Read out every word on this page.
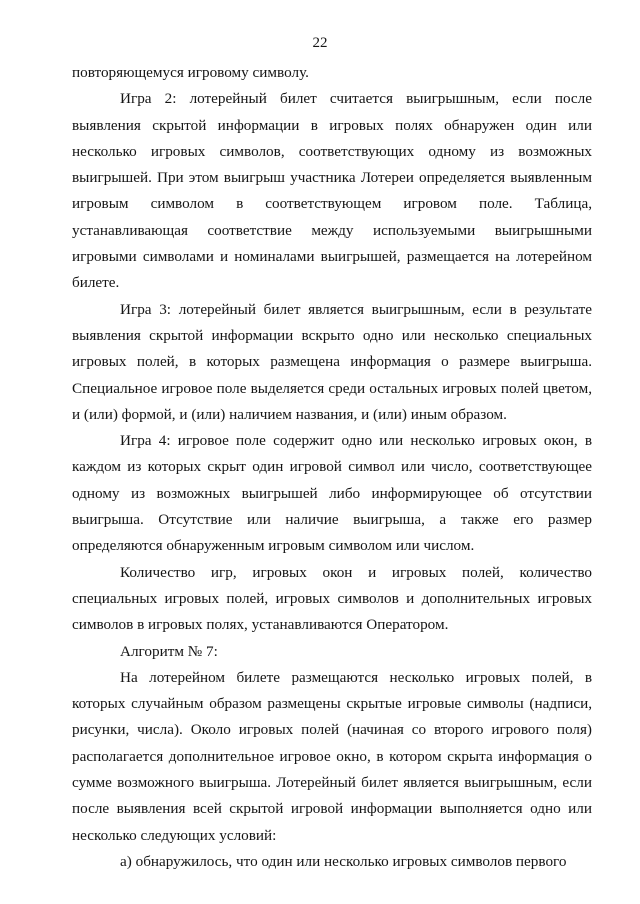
22

повторяющемуся игровому символу.

Игра 2: лотерейный билет считается выигрышным, если после выявления скрытой информации в игровых полях обнаружен один или несколько игровых символов, соответствующих одному из возможных выигрышей. При этом выигрыш участника Лотереи определяется выявленным игровым символом в соответствующем игровом поле. Таблица, устанавливающая соответствие между используемыми выигрышными игровыми символами и номиналами выигрышей, размещается на лотерейном билете.

Игра 3: лотерейный билет является выигрышным, если в результате выявления скрытой информации вскрыто одно или несколько специальных игровых полей, в которых размещена информация о размере выигрыша. Специальное игровое поле выделяется среди остальных игровых полей цветом, и (или) формой, и (или) наличием названия, и (или) иным образом.

Игра 4: игровое поле содержит одно или несколько игровых окон, в каждом из которых скрыт один игровой символ или число, соответствующее одному из возможных выигрышей либо информирующее об отсутствии выигрыша. Отсутствие или наличие выигрыша, а также его размер определяются обнаруженным игровым символом или числом.

Количество игр, игровых окон и игровых полей, количество специальных игровых полей, игровых символов и дополнительных игровых символов в игровых полях, устанавливаются Оператором.

Алгоритм № 7:

На лотерейном билете размещаются несколько игровых полей, в которых случайным образом размещены скрытые игровые символы (надписи, рисунки, числа). Около игровых полей (начиная со второго игрового поля) располагается дополнительное игровое окно, в котором скрыта информация о сумме возможного выигрыша. Лотерейный билет является выигрышным, если после выявления всей скрытой игровой информации выполняется одно или несколько следующих условий:

а) обнаружилось, что один или несколько игровых символов первого
